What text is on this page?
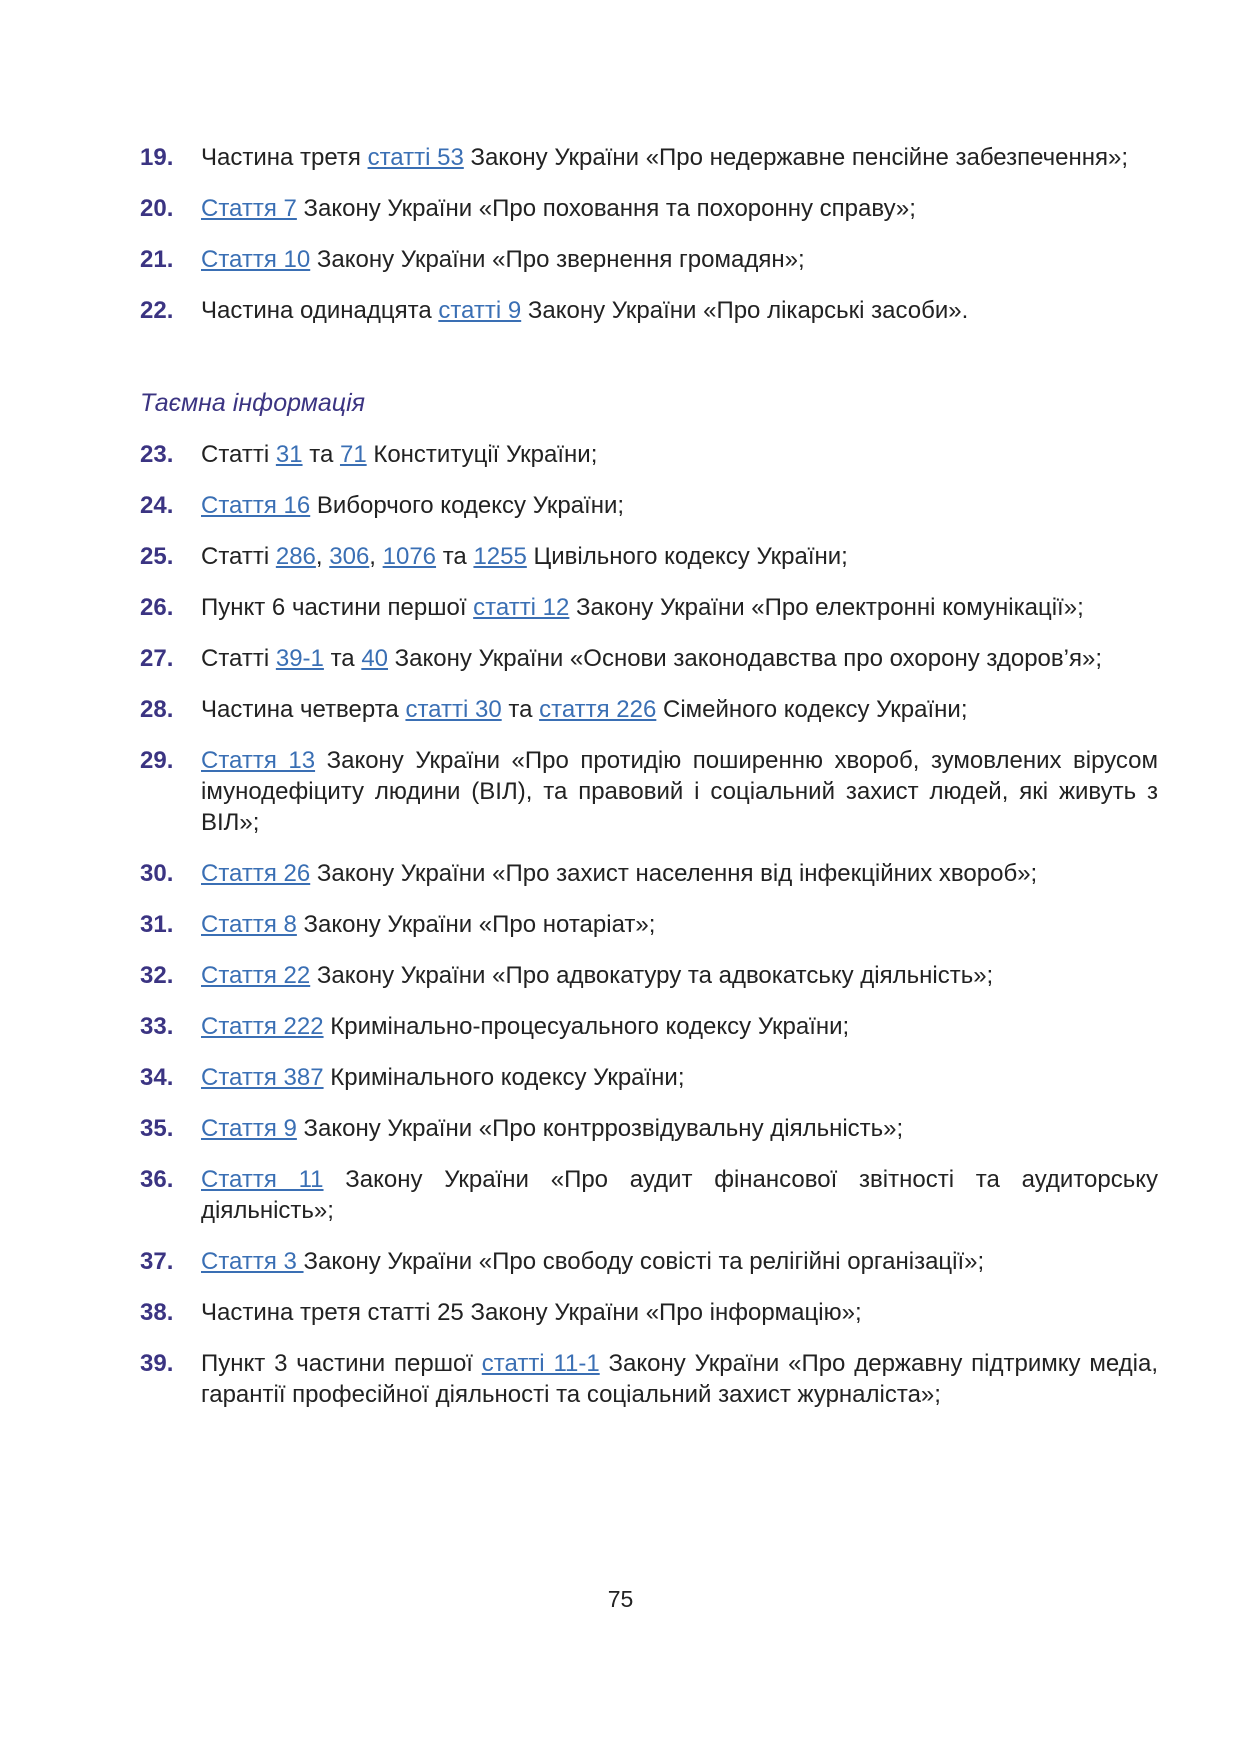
19. Частина третя статті 53 Закону України «Про недержавне пенсійне забезпечення»;
20. Стаття 7 Закону України «Про поховання та похоронну справу»;
21. Стаття 10 Закону України «Про звернення громадян»;
22. Частина одинадцята статті 9 Закону України «Про лікарські засоби».
Таємна інформація
23. Статті 31 та 71 Конституції України;
24. Стаття 16 Виборчого кодексу України;
25. Статті 286, 306, 1076 та 1255 Цивільного кодексу України;
26. Пункт 6 частини першої статті 12 Закону України «Про електронні комунікації»;
27. Статті 39-1 та 40 Закону України «Основи законодавства про охорону здоров’я»;
28. Частина четверта статті 30 та стаття 226 Сімейного кодексу України;
29. Стаття 13 Закону України «Про протидію поширенню хвороб, зумовлених вірусом імунодефіциту людини (ВІЛ), та правовий і соціальний захист людей, які живуть з ВІЛ»;
30. Стаття 26 Закону України «Про захист населення від інфекційних хвороб»;
31. Стаття 8 Закону України «Про нотаріат»;
32. Стаття 22 Закону України «Про адвокатуру та адвокатську діяльність»;
33. Стаття 222 Кримінально-процесуального кодексу України;
34. Стаття 387 Кримінального кодексу України;
35. Стаття 9 Закону України «Про контррозвідувальну діяльність»;
36. Стаття 11 Закону України «Про аудит фінансової звітності та аудиторську діяльність»;
37. Стаття 3 Закону України «Про свободу совісті та релігійні організації»;
38. Частина третя статті 25 Закону України «Про інформацію»;
39. Пункт 3 частини першої статті 11-1 Закону України «Про державну підтримку медіа, гарантії професійної діяльності та соціальний захист журналіста»;
75
